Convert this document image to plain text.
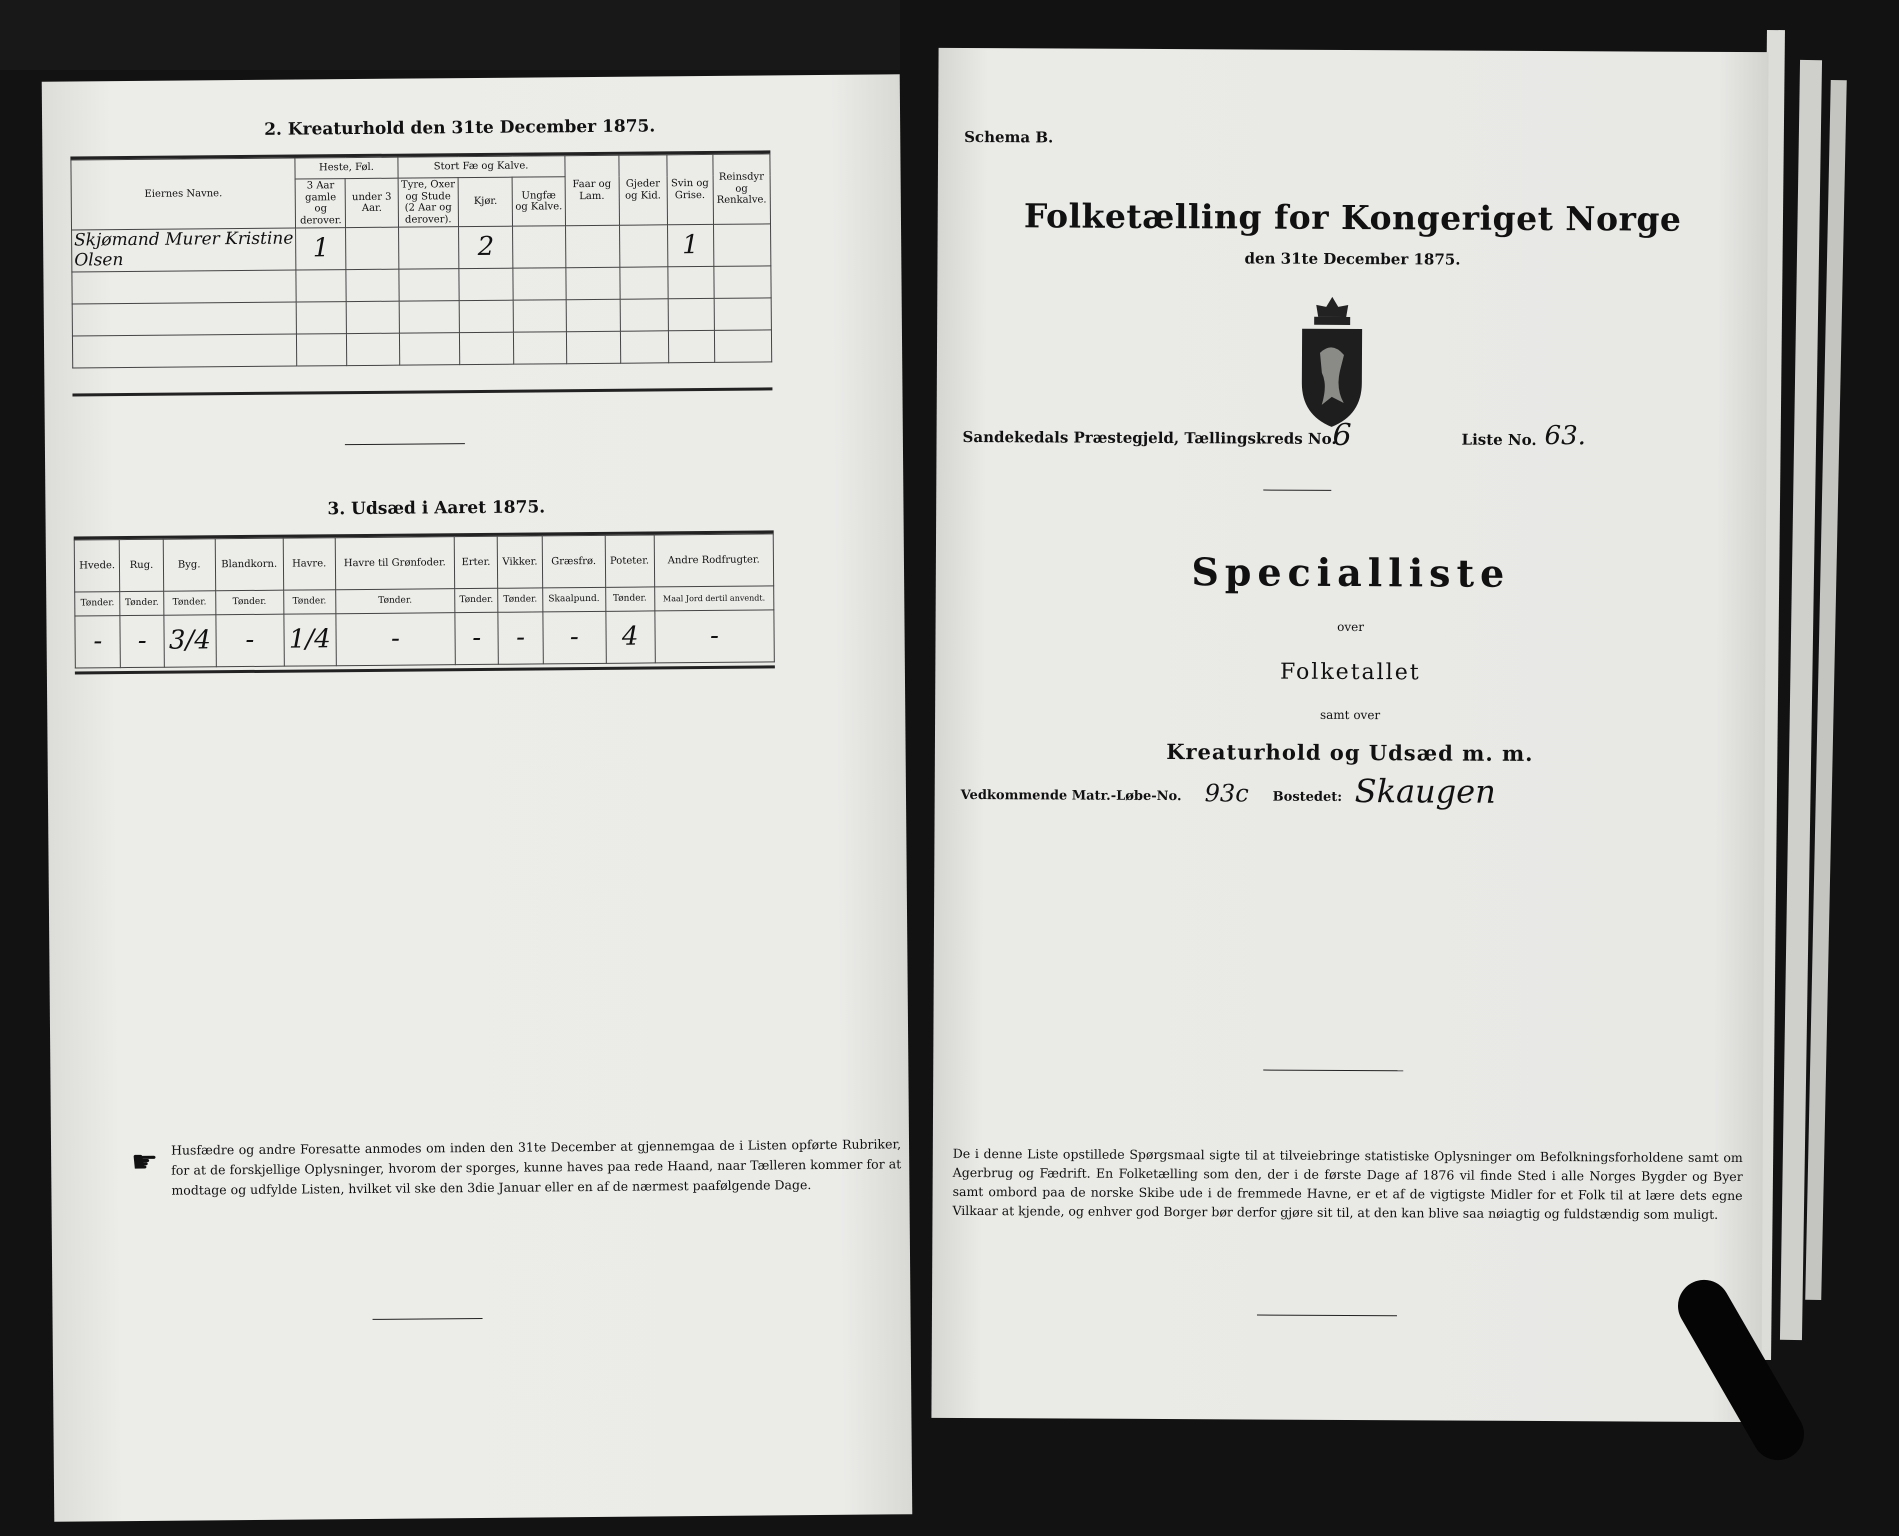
2. Kreaturhold den 31te December 1875.
Eiernes Navne.	Heste, Føl.		Stort Fæ og Kalve.			Faar og Lam.	Gjeder og Kid.	Svin og Grise.	Reinsdyr og Renkalve.
	3 Aar gamle og derover.	under 3 Aar.	Tyre, Oxer og Stude (2 Aar og derover).	Kjør.	Ungfæ og Kalve.				
Skjømand Murer Kristine Olsen	1			2				1	

3. Udsæd i Aaret 1875.
Hvede.	Rug.	Byg.	Blandkorn.	Havre.	Havre til Grønfoder.	Erter.	Vikker.	Græsfrø.	Poteter.	Andre Rodfrugter.
Tønder.	Tønder.	Tønder.	Tønder.	Tønder.	Tønder.	Tønder.	Tønder.	Skaalpund.	Tønder.	Maal Jord dertil anvendt.
-	-	3/4	-	1/4	-	-	-	-	4	-
☛ Husfædre og andre Foresatte anmodes om inden den 31te December at gjennemgaa de i Listen opførte Rubriker, for at de forskjellige Oplysninger, hvorom der sporges, kunne haves paa rede Haand, naar Tælleren kommer for at modtage og udfylde Listen, hvilket vil ske den 3die Januar eller en af de nærmest paafølgende Dage.
Schema B.
Folketælling for Kongeriget Norge
den 31te December 1875.
Sandekedals Præstegjeld, Tællingskreds No.
6	Liste No. 63.
Specialliste
over
Folketallet
samt over
Kreaturhold og Udsæd m. m.
Vedkommende Matr.-Løbe-No. 93c Bostedet: Skaugen
De i denne Liste opstillede Spørgsmaal sigte til at tilveiebringe statistiske Oplysninger om Befolkningsforholdene samt om Agerbrug og Fædrift. En Folketælling som den, der i de første Dage af 1876 vil finde Sted i alle Norges Bygder og Byer samt ombord paa de norske Skibe ude i de fremmede Havne, er et af de vigtigste Midler for et Folk til at lære dets egne Vilkaar at kjende, og enhver god Borger bør derfor gjøre sit til, at den kan blive saa nøiagtig og fuldstændig som muligt.
